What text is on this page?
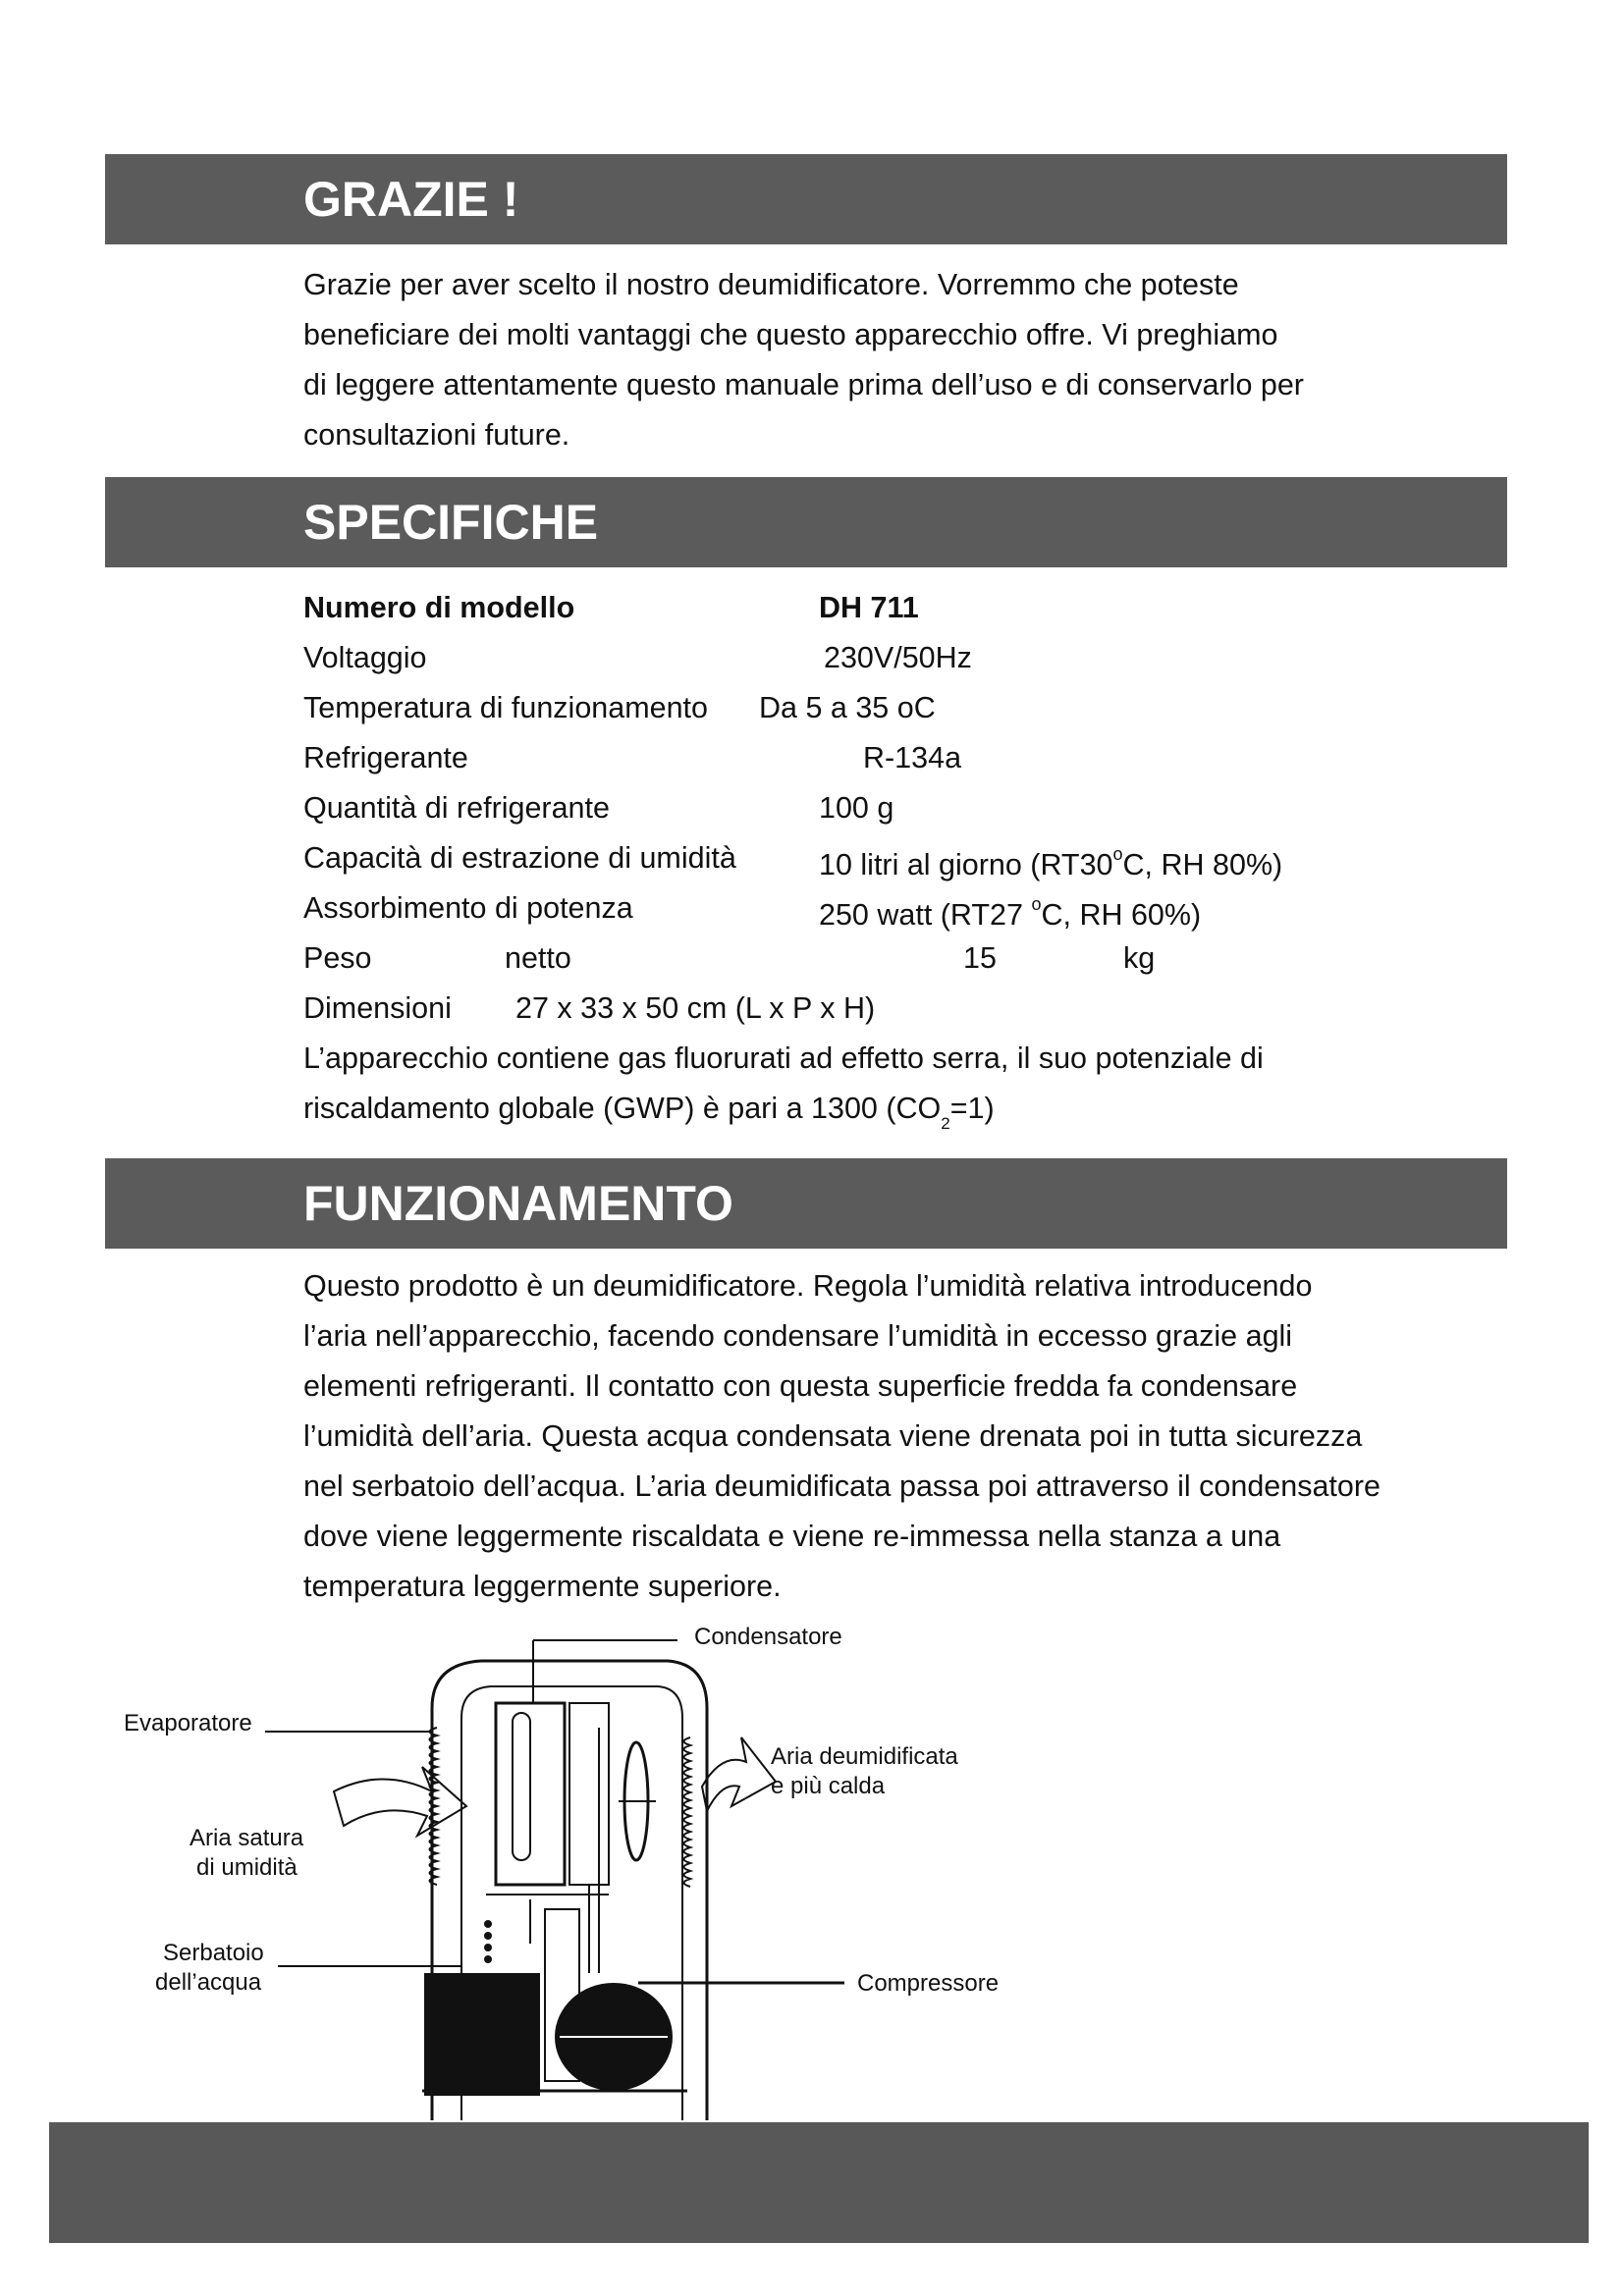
GRAZIE !

Grazie per aver scelto il nostro deumidificatore. Vorremmo che poteste

beneficiare dei molti vantaggi che questo apparecchio offre. Vi preghiamo

di leggere attentamente questo manuale prima dell’uso e di conservarlo per

consultazioni future.

SPECIFICHE
Numero di modello	DH 711
Voltaggio	230V/50Hz
Temperatura di funzionamento Da 5 a 35 oC
Refrigerante	R-134a
Quantità di refrigerante	100 g
Capacità di estrazione di umidità	10 litri al giorno (RT30$^o$C, RH 80%)
Assorbimento di potenza	250 watt (RT27 $^o$C, RH 60%)
Peso	netto	15	kg
Dimensioni 27 x 33 x 50 cm (L x P x H)
L’apparecchio contiene gas fluorurati ad effetto serra, il suo potenziale di
riscaldamento globale (GWP) è pari a 1300 $(CO_2=1)$
FUNZIONAMENTO

Questo prodotto è un deumidificatore. Regola l’umidità relativa introducendo

l’aria nell’apparecchio, facendo condensare l’umidità in eccesso grazie agli

elementi refrigeranti. Il contatto con questa superficie fredda fa condensare

l’umidità dell’aria. Questa acqua condensata viene drenata poi in tutta sicurezza

nel serbatoio dell’acqua. L’aria deumidificata passa poi attraverso il condensatore

dove viene leggermente riscaldata e viene re-immessa nella stanza a una

temperatura leggermente superiore.

Condensatore
Evaporatore
Aria deumidificata
e più calda
Aria satura
di umidità
Serbatoio
dell’acqua	Compressore
